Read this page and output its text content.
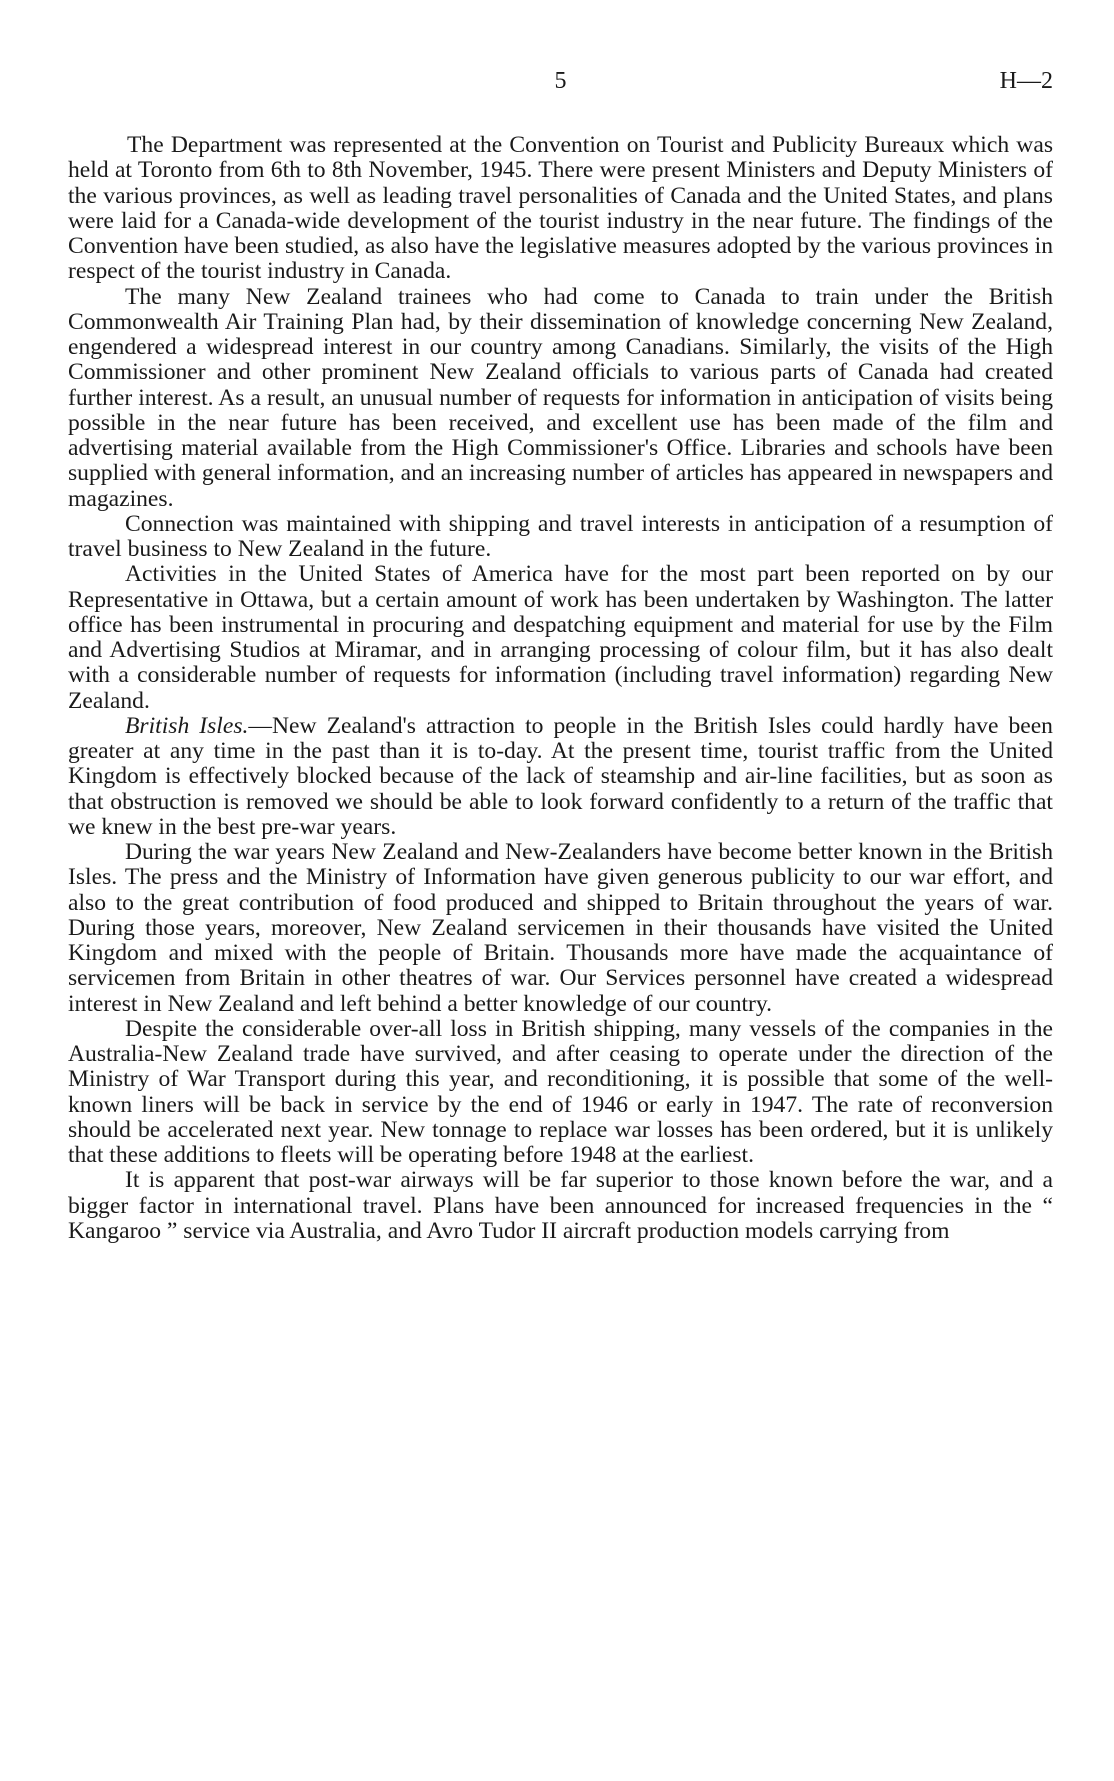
5	H—2

The Department was represented at the Convention on Tourist and Publicity Bureaux which was held at Toronto from 6th to 8th November, 1945. There were present Ministers and Deputy Ministers of the various provinces, as well as leading travel personalities of Canada and the United States, and plans were laid for a Canada-wide development of the tourist industry in the near future. The findings of the Convention have been studied, as also have the legislative measures adopted by the various provinces in respect of the tourist industry in Canada.

The many New Zealand trainees who had come to Canada to train under the British Commonwealth Air Training Plan had, by their dissemination of knowledge concerning New Zealand, engendered a widespread interest in our country among Canadians. Similarly, the visits of the High Commissioner and other prominent New Zealand officials to various parts of Canada had created further interest. As a result, an unusual number of requests for information in anticipation of visits being possible in the near future has been received, and excellent use has been made of the film and advertising material available from the High Commissioner's Office. Libraries and schools have been supplied with general information, and an increasing number of articles has appeared in newspapers and magazines.

Connection was maintained with shipping and travel interests in anticipation of a resumption of travel business to New Zealand in the future.

Activities in the United States of America have for the most part been reported on by our Representative in Ottawa, but a certain amount of work has been undertaken by Washington. The latter office has been instrumental in procuring and despatching equipment and material for use by the Film and Advertising Studios at Miramar, and in arranging processing of colour film, but it has also dealt with a considerable number of requests for information (including travel information) regarding New Zealand.

British Isles.—New Zealand's attraction to people in the British Isles could hardly have been greater at any time in the past than it is to-day. At the present time, tourist traffic from the United Kingdom is effectively blocked because of the lack of steamship and air-line facilities, but as soon as that obstruction is removed we should be able to look forward confidently to a return of the traffic that we knew in the best pre-war years.

During the war years New Zealand and New-Zealanders have become better known in the British Isles. The press and the Ministry of Information have given generous publicity to our war effort, and also to the great contribution of food produced and shipped to Britain throughout the years of war. During those years, moreover, New Zealand servicemen in their thousands have visited the United Kingdom and mixed with the people of Britain. Thousands more have made the acquaintance of servicemen from Britain in other theatres of war. Our Services personnel have created a widespread interest in New Zealand and left behind a better knowledge of our country.

Despite the considerable over-all loss in British shipping, many vessels of the companies in the Australia-New Zealand trade have survived, and after ceasing to operate under the direction of the Ministry of War Transport during this year, and reconditioning, it is possible that some of the well-known liners will be back in service by the end of 1946 or early in 1947. The rate of reconversion should be accelerated next year. New tonnage to replace war losses has been ordered, but it is unlikely that these additions to fleets will be operating before 1948 at the earliest.

It is apparent that post-war airways will be far superior to those known before the war, and a bigger factor in international travel. Plans have been announced for increased frequencies in the “ Kangaroo ” service via Australia, and Avro Tudor II aircraft production models carrying from
